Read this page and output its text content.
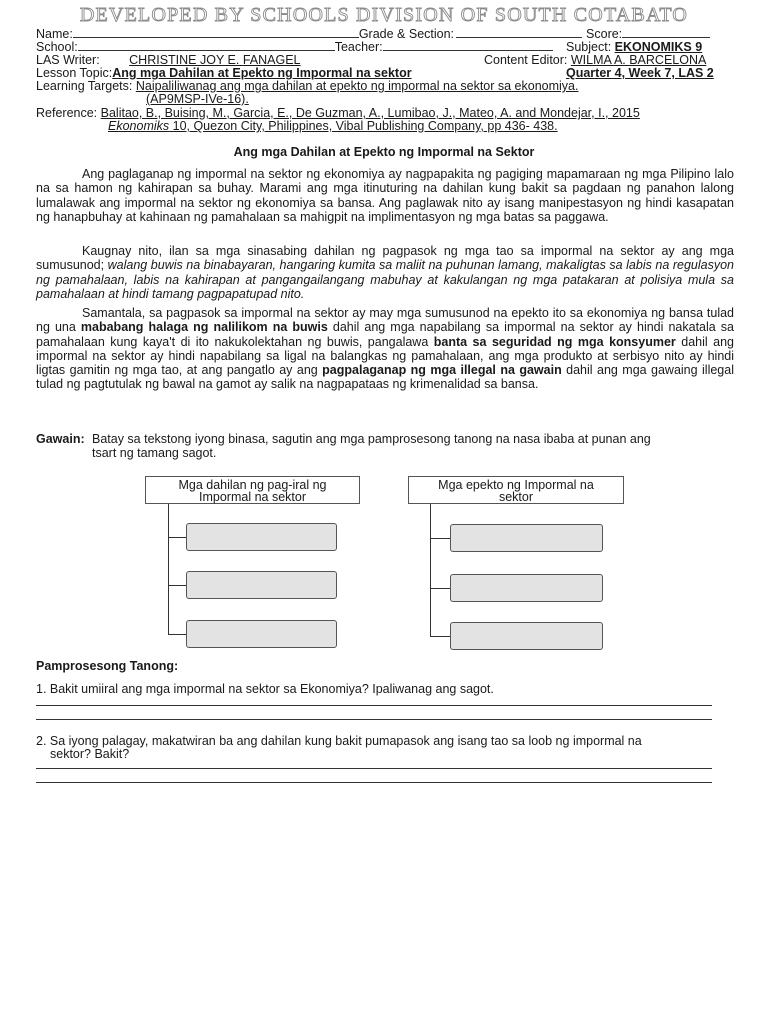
DEVELOPED BY SCHOOLS DIVISION OF SOUTH COTABATO
Name:	Grade & Section:	Score:
School:	Teacher:	Subject: EKONOMIKS 9
LAS Writer: CHRISTINE JOY E. FANAGEL	Content Editor: WILMA A. BARCELONA
Lesson Topic:Ang mga Dahilan at Epekto ng Impormal na sektor	Quarter 4, Week 7, LAS 2
Learning Targets: Naipaliliwanag ang mga dahilan at epekto ng impormal na sektor sa ekonomiya.
(AP9MSP-IVe-16).
Reference: Balitao, B., Buising, M., Garcia, E., De Guzman, A., Lumibao, J., Mateo, A. and Mondejar, I., 2015
Ekonomiks 10, Quezon City, Philippines, Vibal Publishing Company, pp 436- 438.
Ang mga Dahilan at Epekto ng Impormal na Sektor
Ang paglaganap ng impormal na sektor ng ekonomiya ay nagpapakita ng pagiging mapamaraan ng mga Pilipino lalo na sa hamon ng kahirapan sa buhay. Marami ang mga itinuturing na dahilan kung bakit sa pagdaan ng panahon lalong lumalawak ang impormal na sektor ng ekonomiya sa bansa. Ang paglawak nito ay isang manipestasyon ng hindi kasapatan ng hanapbuhay at kahinaan ng pamahalaan sa mahigpit na implimentasyon ng mga batas sa paggawa.
Kaugnay nito, ilan sa mga sinasabing dahilan ng pagpasok ng mga tao sa impormal na sektor ay ang mga sumusunod; walang buwis na binabayaran, hangaring kumita sa maliit na puhunan lamang, makaligtas sa labis na regulasyon ng pamahalaan, labis na kahirapan at pangangailangang mabuhay at kakulangan ng mga patakaran at polisiya mula sa pamahalaan at hindi tamang pagpapatupad nito.
Samantala, sa pagpasok sa impormal na sektor ay may mga sumusunod na epekto ito sa ekonomiya ng bansa tulad ng una mababang halaga ng nalilikom na buwis dahil ang mga napabilang sa impormal na sektor ay hindi nakatala sa pamahalaan kung kaya't di ito nakukolektahan ng buwis, pangalawa banta sa seguridad ng mga konsyumer dahil ang impormal na sektor ay hindi napabilang sa ligal na balangkas ng pamahalaan, ang mga produkto at serbisyo nito ay hindi ligtas gamitin ng mga tao, at ang pangatlo ay ang pagpalaganap ng mga illegal na gawain dahil ang mga gawaing illegal tulad ng pagtutulak ng bawal na gamot ay salik na nagpapataas ng krimenalidad sa bansa.
Gawain: Batay sa tekstong iyong binasa, sagutin ang mga pamprosesong tanong na nasa ibaba at punan ang
tsart ng tamang sagot.
Mga dahilan ng pag-iral ng
Impormal na sektor
Mga epekto ng Impormal na
sektor
Pamprosesong Tanong:
1. Bakit umiiral ang mga impormal na sektor sa Ekonomiya? Ipaliwanag ang sagot.
2. Sa iyong palagay, makatwiran ba ang dahilan kung bakit pumapasok ang isang tao sa loob ng impormal na
sektor? Bakit?
